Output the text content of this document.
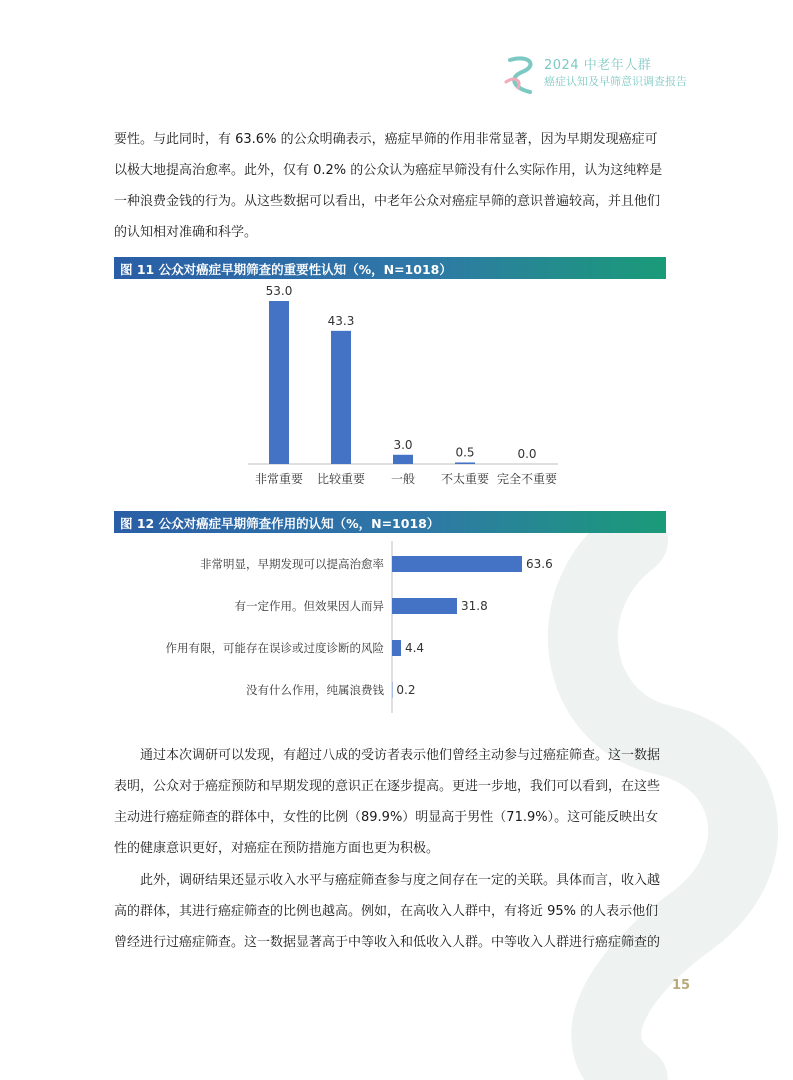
2024 中老年人群
癌症认知及早筛意识调查报告

要性。与此同时，有 63.6% 的公众明确表示，癌症早筛的作用非常显著，因为早期发现癌症可
以极大地提高治愈率。此外，仅有 0.2% 的公众认为癌症早筛没有什么实际作用，认为这纯粹是
一种浪费金钱的行为。从这些数据可以看出，中老年公众对癌症早筛的意识普遍较高，并且他们
的认知相对准确和科学。

图 11 公众对癌症早期筛查的重要性认知（%，N=1018）
53.0
非常重要
43.3
比较重要
3.0
一般
0.5
不太重要
0.0
完全不重要
图 12 公众对癌症早期筛查作用的认知（%，N=1018）
63.6
非常明显，早期发现可以提高治愈率
31.8
有一定作用。但效果因人而异
4.4
作用有限，可能存在误诊或过度诊断的风险
0.2
没有什么作用，纯属浪费钱

　　通过本次调研可以发现，有超过八成的受访者表示他们曾经主动参与过癌症筛查。这一数据
表明，公众对于癌症预防和早期发现的意识正在逐步提高。更进一步地，我们可以看到，在这些
主动进行癌症筛查的群体中，女性的比例（89.9%）明显高于男性（71.9%）。这可能反映出女
性的健康意识更好，对癌症在预防措施方面也更为积极。

　　此外，调研结果还显示收入水平与癌症筛查参与度之间存在一定的关联。具体而言，收入越
高的群体，其进行癌症筛查的比例也越高。例如，在高收入人群中，有将近 95% 的人表示他们
曾经进行过癌症筛查。这一数据显著高于中等收入和低收入人群。中等收入人群进行癌症筛查的

15
